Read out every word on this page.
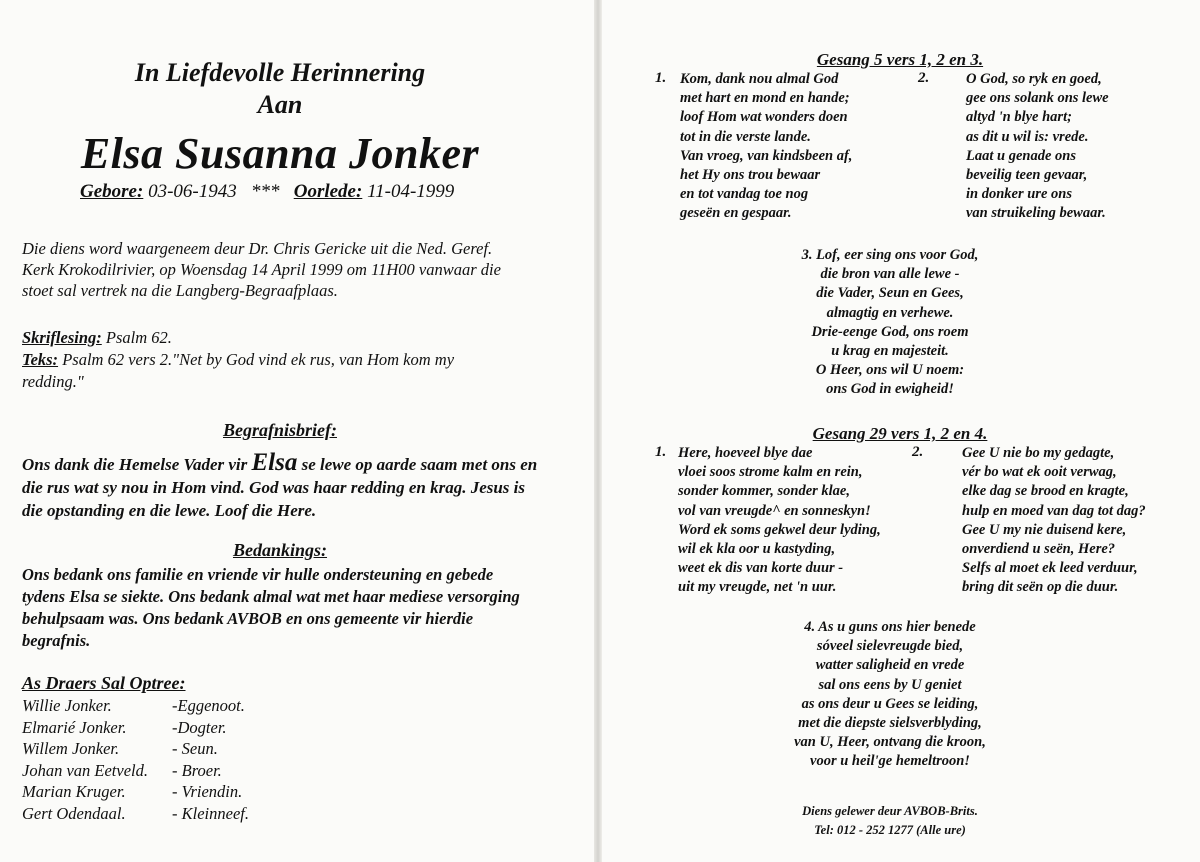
In Liefdevolle Herinnering
Aan
Elsa Susanna Jonker
Gebore: 03-06-1943 *** Oorlede: 11-04-1999
Die diens word waargeneem deur Dr. Chris Gericke uit die Ned. Geref.
Kerk Krokodilrivier, op Woensdag 14 April 1999 om 11H00 vanwaar die
stoet sal vertrek na die Langberg-Begraafplaas.
Skriflesing: Psalm 62.
Teks: Psalm 62 vers 2."Net by God vind ek rus, van Hom kom my
redding."
Begrafnisbrief:
Ons dank die Hemelse Vader vir Elsa se lewe op aarde saam met ons en
die rus wat sy nou in Hom vind. God was haar redding en krag. Jesus is
die opstanding en die lewe. Loof die Here.
Bedankings:
Ons bedank ons familie en vriende vir hulle ondersteuning en gebede
tydens Elsa se siekte. Ons bedank almal wat met haar mediese versorging
behulpsaam was. Ons bedank AVBOB en ons gemeente vir hierdie
begrafnis.
As Draers Sal Optree:
Willie Jonker.	-Eggenoot.
Elmarié Jonker.	-Dogter.
Willem Jonker.	- Seun.
Johan van Eetveld. - Broer.
Marian Kruger.	- Vriendin.
Gert Odendaal.	- Kleinneef.
Gesang 5 vers 1, 2 en 3.
1. Kom, dank nou almal God
met hart en mond en hande;
loof Hom wat wonders doen
tot in die verste lande.
Van vroeg, van kindsbeen af,
het Hy ons trou bewaar
en tot vandag toe nog
geseën en gespaar.
2.	O God, so ryk en goed,
gee ons solank ons lewe
altyd 'n blye hart;
as dit u wil is: vrede.
Laat u genade ons
beveilig teen gevaar,
in donker ure ons
van struikeling bewaar.
3. Lof, eer sing ons voor God,
die bron van alle lewe -
die Vader, Seun en Gees,
almagtig en verhewe.
Drie-eenge God, ons roem
u krag en majesteit.
O Heer, ons wil U noem:
ons God in ewigheid!
Gesang 29 vers 1, 2 en 4.
1. Here, hoeveel blye dae
vloei soos strome kalm en rein,
sonder kommer, sonder klae,
vol van vreugde^ en sonneskyn!
Word ek soms gekwel deur lyding,
wil ek kla oor u kastyding,
weet ek dis van korte duur -
uit my vreugde, net 'n uur.
2.	Gee U nie bo my gedagte,
vér bo wat ek ooit verwag,
elke dag se brood en kragte,
hulp en moed van dag tot dag?
Gee U my nie duisend kere,
onverdiend u seën, Here?
Selfs al moet ek leed verduur,
bring dit seën op die duur.
4. As u guns ons hier benede
sóveel sielevreugde bied,
watter saligheid en vrede
sal ons eens by U geniet
as ons deur u Gees se leiding,
met die diepste sielsverblyding,
van U, Heer, ontvang die kroon,
voor u heil'ge hemeltroon!
Diens gelewer deur AVBOB-Brits.
Tel: 012 - 252 1277 (Alle ure)
